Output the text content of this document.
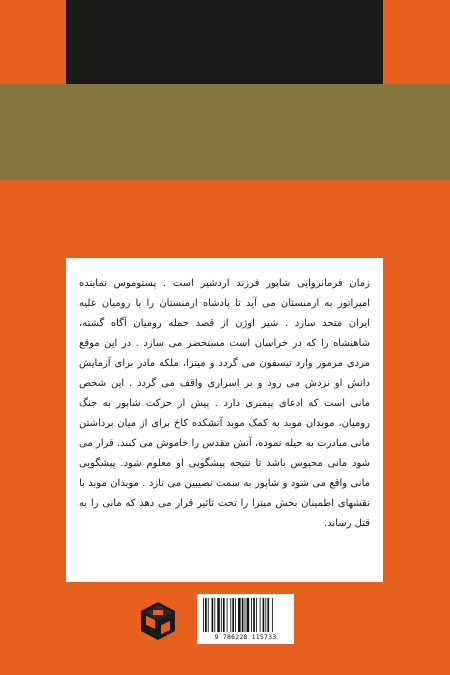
زمان فرمانروایی شاپور فرزند اردشیر است . پستوموس نماینده امپراتور به ارمنستان می آید تا پادشاه ارمنستان را با رومیان علیه ایران متحد سازد . شیر اوژن از قصد حمله رومیان آگاه گشته، شاهنشاه را که در خراسان است مستحضر می سازد . در این موقع مردی مرموز وارد تیسفون می گردد و میترا، ملکه مادر برای آزمایش دانش او نزدش می رود و بر اسراری واقف می گردد . این شخص مانی است که ادعای پیمبری دارد . پیش از حرکت شاپور به جنگ رومیان، موبدان موبد به کمک موبد آتشکده کاخ برای از میان برداشتن مانی مبادرت به حیله نموده، آتش مقدس را خاموش می کنند. قرار می شود مانی محبوس باشد تا نتیجه پیشگویی او معلوم شود. پیشگویی مانی واقع می شود و شاپور به سمت نصیبین می تازد . موبدان موبد با نقشهای اطمینان بخش میترا را تحت تاثیر قرار می دهد که مانی را به قتل رساند.

9 786228 115733
